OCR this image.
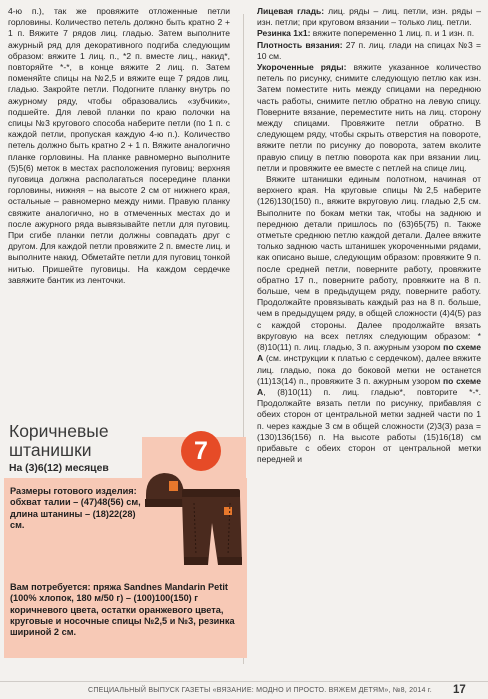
4-ю п.), так же провяжите отложенные петли горловины. Количество петель должно быть кратно 2 + 1 п. Вяжите 7 рядов лиц. гладью. Затем выполните ажурный ряд для декоративного подгиба следующим образом: вяжите 1 лиц. п., *2 п. вместе лиц., накид*, повторяйте *-*, в конце вяжите 2 лиц. п. Затем поменяйте спицы на №2,5 и вяжите еще 7 рядов лиц. гладью. Закройте петли. Подогните планку внутрь по ажурному ряду, чтобы образовались «зубчики», подшейте. Для левой планки по краю полочки на спицы №3 кругового способа наберите петли (по 1 п. с каждой петли, пропуская каждую 4-ю п.). Количество петель должно быть кратно 2 + 1 п. Вяжите аналогично планке горловины. На планке равномерно выполните (5)5(6) меток в местах расположения пуговиц: верхняя пуговица должна располагаться посередине планки горловины, нижняя – на высоте 2 см от нижнего края, остальные – равномерно между ними. Правую планку свяжите аналогично, но в отмеченных местах до и после ажурного ряда вывязывайте петли для пуговиц. При сгибе планки петли должны совпадать друг с другом. Для каждой петли провяжите 2 п. вместе лиц. и выполните накид. Обметайте петли для пуговиц тонкой нитью. Пришейте пуговицы. На каждом сердечке завяжите бантик из ленточки.

Коричневые
штанишки
На (3)6(12) месяцев
Размеры готового изделия: обхват талии – (47)48(56) см, длина штанины – (18)22(28) см.
Вам потребуется: пряжа Sandnes Mandarin Petit (100% хлопок, 180 м/50 г) – (100)100(150) г коричневого цвета, остатки оранжевого цвета, круговые и носочные спицы №2,5 и №3, резинка шириной 2 см.
7

Лицевая гладь: лиц. ряды – лиц. петли, изн. ряды – изн. петли; при круговом вязании – только лиц. петли.

Резинка 1х1: вяжите попеременно 1 лиц. п. и 1 изн. п.

Плотность вязания: 27 п. лиц. глади на спицах №3 = 10 см.

Укороченные ряды: вяжите указанное количество петель по рисунку, снимите следующую петлю как изн. Затем поместите нить между спицами на переднюю часть работы, снимите петлю обратно на левую спицу. Поверните вязание, переместите нить на лиц. сторону между спицами. Провяжите петли обратно. В следующем ряду, чтобы скрыть отверстия на повороте, вяжите петли по рисунку до поворота, затем вколите правую спицу в петлю поворота как при вязании лиц. петли и провяжите ее вместе с петлей на спице лиц.

Вяжите штанишки единым полотном, начиная от верхнего края. На круговые спицы №2,5 наберите (126)130(150) п., вяжите вкруговую лиц. гладью 2,5 см. Выполните по бокам метки так, чтобы на заднюю и переднюю детали пришлось по (63)65(75) п. Также отметьте среднюю петлю каждой детали. Далее вяжите только заднюю часть штанишек укороченными рядами, как описано выше, следующим образом: провяжите 9 п. после средней петли, поверните работу, провяжите обратно 17 п., поверните работу, провяжите на 8 п. больше, чем в предыдущем ряду, поверните работу. Продолжайте провязывать каждый раз на 8 п. больше, чем в предыдущем ряду, в общей сложности (4)4(5) раз с каждой стороны. Далее продолжайте вязать вкруговую на всех петлях следующим образом: *(8)10(11) п. лиц. гладью, 3 п. ажурным узором по схеме А (см. инструкции к платью с сердечком), далее вяжите лиц. гладью, пока до боковой метки не останется (11)13(14) п., провяжите 3 п. ажурным узором по схеме А, (8)10(11) п. лиц. гладью*, повторите *-*. Продолжайте вязать петли по рисунку, прибавляя с обеих сторон от центральной метки задней части по 1 п. через каждые 3 см в общей сложности (2)3(3) раза = (130)136(156) п. На высоте работы (15)16(18) см прибавьте с обеих сторон от центральной метки передней и

СПЕЦИАЛЬНЫЙ ВЫПУСК ГАЗЕТЫ «ВЯЗАНИЕ: МОДНО И ПРОСТО. ВЯЖЕМ ДЕТЯМ», №8, 2014 г. 17
